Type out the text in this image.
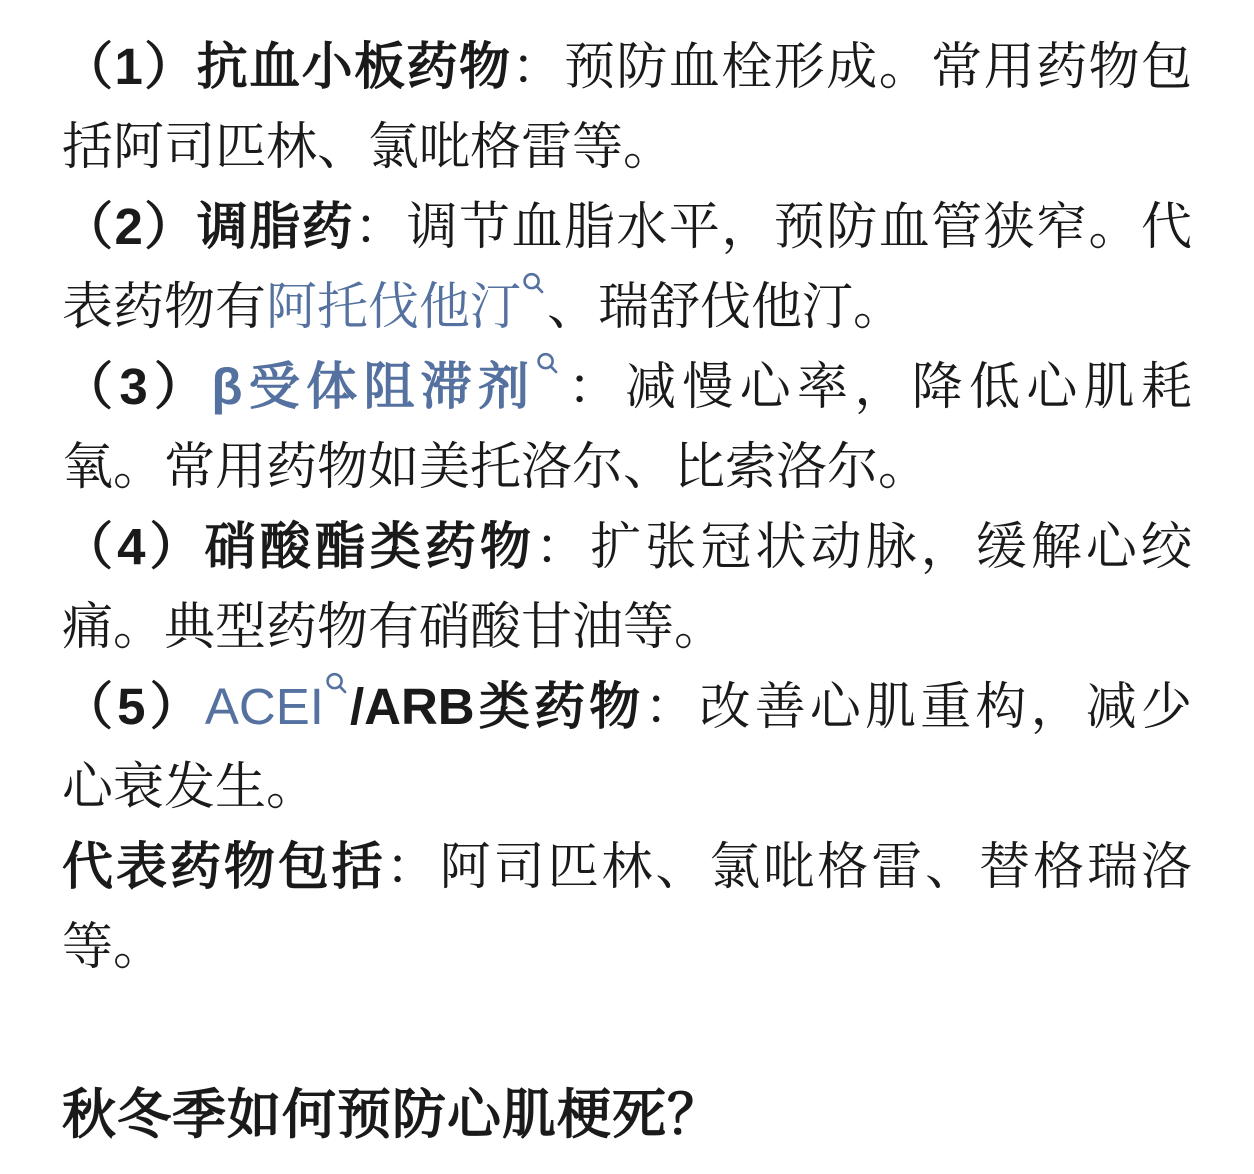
（1）抗血小板药物：预防血栓形成。常用药物包
括阿司匹林、氯吡格雷等。
（2）调脂药：调节血脂水平，预防血管狭窄。代
表药物有阿托伐他汀 、瑞舒伐他汀。
（3）β受体阻滞剂 ：减慢心率，降低心肌耗
氧。常用药物如美托洛尔、比索洛尔。
（4）硝酸酯类药物：扩张冠状动脉，缓解心绞
痛。典型药物有硝酸甘油等。
（5）ACEI /ARB类药物：改善心肌重构，减少
心衰发生。
代表药物包括：阿司匹林、氯吡格雷、替格瑞洛
等。
秋冬季如何预防心肌梗死？
